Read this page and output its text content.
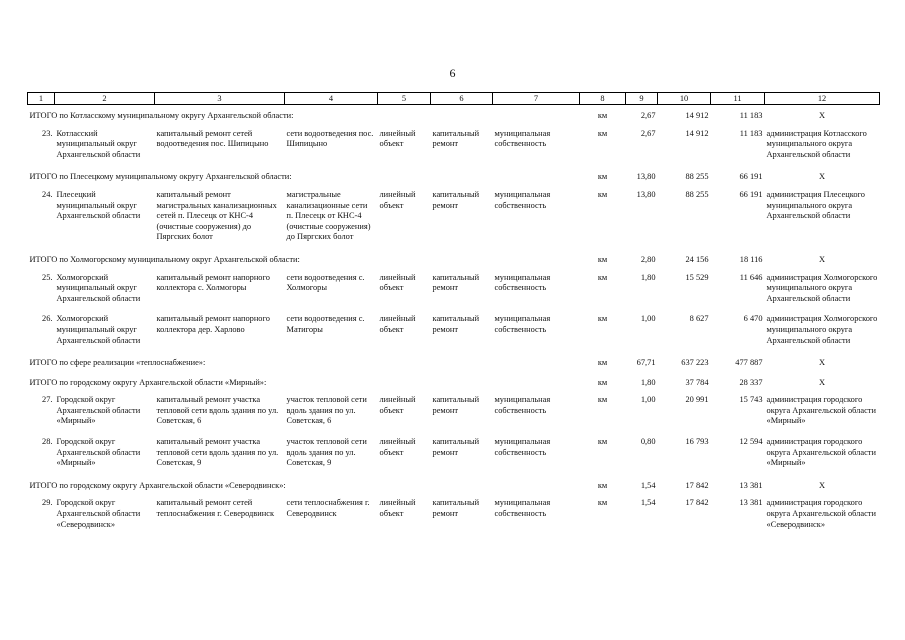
6
1	2	3	4	5	6	7	8	9	10	11	12
ИТОГО по Котласскому муниципальному округу Архангельской области:							км	2,67	14 912	11 183	Х
23.	Котласский муниципальный округ Архангельской области	капитальный ремонт сетей водоотведения пос. Шипицыно	сети водоотведения пос. Шипицыно	линейный объект	капитальный ремонт	муниципальная собственность	км	2,67	14 912	11 183	администрация Котласского муниципального округа Архангельской области
ИТОГО по Плесецкому муниципальному округу Архангельской области:							км	13,80	88 255	66 191	Х
24.	Плесецкий муниципальный округ Архангельской области	капитальный ремонт магистральных канализационных сетей п. Плесецк от КНС-4 (очистные сооружения) до Пяргских болот	магистральные канализационные сети п. Плесецк от КНС-4 (очистные сооружения) до Пяргских болот	линейный объект	капитальный ремонт	муниципальная собственность	км	13,80	88 255	66 191	администрация Плесецкого муниципального округа Архангельской области
ИТОГО по Холмогорскому муниципальному округ Архангельской области:							км	2,80	24 156	18 116	Х
25.	Холмогорский муниципальный округ Архангельской области	капитальный ремонт напорного коллектора с. Холмогоры	сети водоотведения с. Холмогоры	линейный объект	капитальный ремонт	муниципальная собственность	км	1,80	15 529	11 646	администрация Холмогорского муниципального округа Архангельской области
26.	Холмогорский муниципальный округ Архангельской области	капитальный ремонт напорного коллектора дер. Харлово	сети водоотведения с. Матигоры	линейный объект	капитальный ремонт	муниципальная собственность	км	1,00	8 627	6 470	администрация Холмогорского муниципального округа Архангельской области
ИТОГО по сфере реализации «теплоснабжение»:							км	67,71	637 223	477 887	Х
ИТОГО по городскому округу Архангельской области «Мирный»:							км	1,80	37 784	28 337	Х
27.	Городской округ Архангельской области «Мирный»	капитальный ремонт участка тепловой сети вдоль здания по ул. Советская, 6	участок тепловой сети вдоль здания по ул. Советская, 6	линейный объект	капитальный ремонт	муниципальная собственность	км	1,00	20 991	15 743	администрация городского округа Архангельской области «Мирный»
28.	Городской округ Архангельской области «Мирный»	капитальный ремонт участка тепловой сети вдоль здания по ул. Советская, 9	участок тепловой сети вдоль здания по ул. Советская, 9	линейный объект	капитальный ремонт	муниципальная собственность	км	0,80	16 793	12 594	администрация городского округа Архангельской области «Мирный»
ИТОГО по городскому округу Архангельской области «Северодвинск»:							км	1,54	17 842	13 381	Х
29.	Городской округ Архангельской области «Северодвинск»	капитальный ремонт сетей теплоснабжения г. Северодвинск	сети теплоснабжения г. Северодвинск	линейный объект	капитальный ремонт	муниципальная собственность	км	1,54	17 842	13 381	администрация городского округа Архангельской области «Северодвинск»
